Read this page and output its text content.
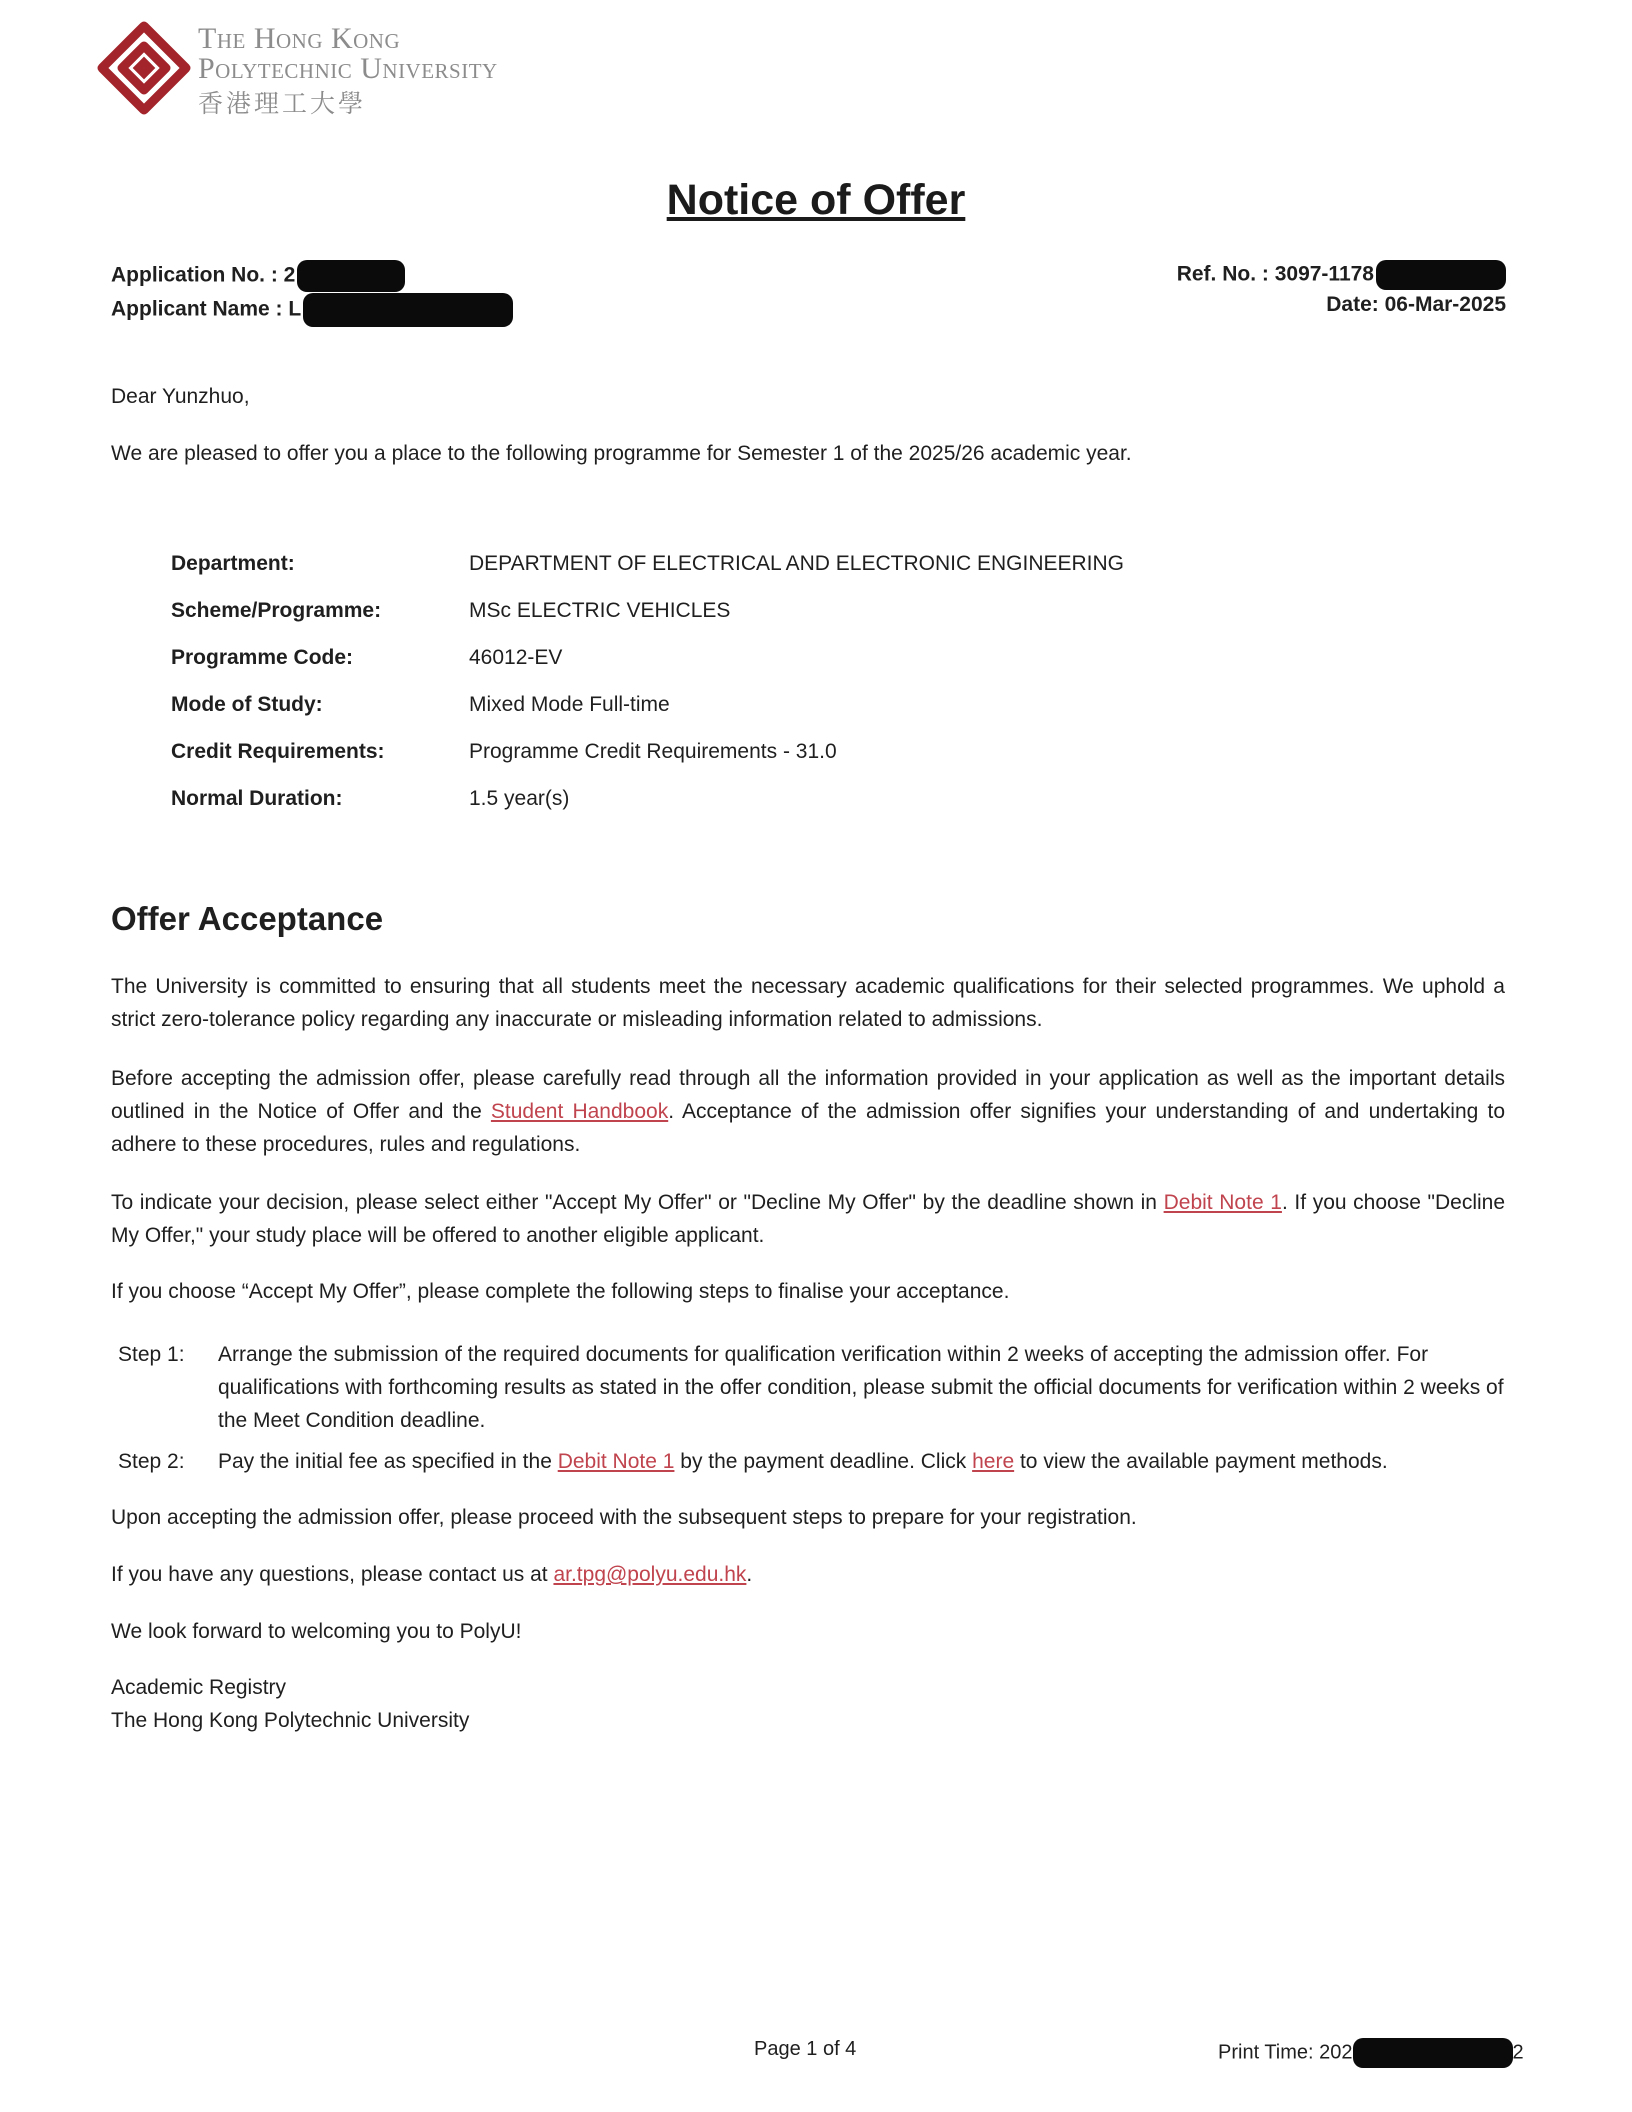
The Hong Kong
Polytechnic University
香港理工大學
Notice of Offer
Application No. : 2
Applicant Name : L
Ref. No. : 3097-1178
Date: 06-Mar-2025
Dear Yunzhuo,
We are pleased to offer you a place to the following programme for Semester 1 of the 2025/26 academic year.
Department:	DEPARTMENT OF ELECTRICAL AND ELECTRONIC ENGINEERING
Scheme/Programme:	MSc ELECTRIC VEHICLES
Programme Code:	46012-EV
Mode of Study:	Mixed Mode Full-time
Credit Requirements:	Programme Credit Requirements - 31.0
Normal Duration:	1.5 year(s)
Offer Acceptance
The University is committed to ensuring that all students meet the necessary academic qualifications for their selected programmes. We uphold a strict zero-tolerance policy regarding any inaccurate or misleading information related to admissions.
Before accepting the admission offer, please carefully read through all the information provided in your application as well as the important details outlined in the Notice of Offer and the Student Handbook. Acceptance of the admission offer signifies your understanding of and undertaking to adhere to these procedures, rules and regulations.
To indicate your decision, please select either "Accept My Offer" or "Decline My Offer" by the deadline shown in Debit Note 1. If you choose "Decline My Offer," your study place will be offered to another eligible applicant.
If you choose “Accept My Offer”, please complete the following steps to finalise your acceptance.
Step 1: Arrange the submission of the required documents for qualification verification within 2 weeks of accepting the admission offer. For qualifications with forthcoming results as stated in the offer condition, please submit the official documents for verification within 2 weeks of the Meet Condition deadline.
Step 2: Pay the initial fee as specified in the Debit Note 1 by the payment deadline. Click here to view the available payment methods.
Upon accepting the admission offer, please proceed with the subsequent steps to prepare for your registration.
If you have any questions, please contact us at ar.tpg@polyu.edu.hk.
We look forward to welcoming you to PolyU!
Academic Registry
The Hong Kong Polytechnic University
Page 1 of 4	Print Time: 202	2
